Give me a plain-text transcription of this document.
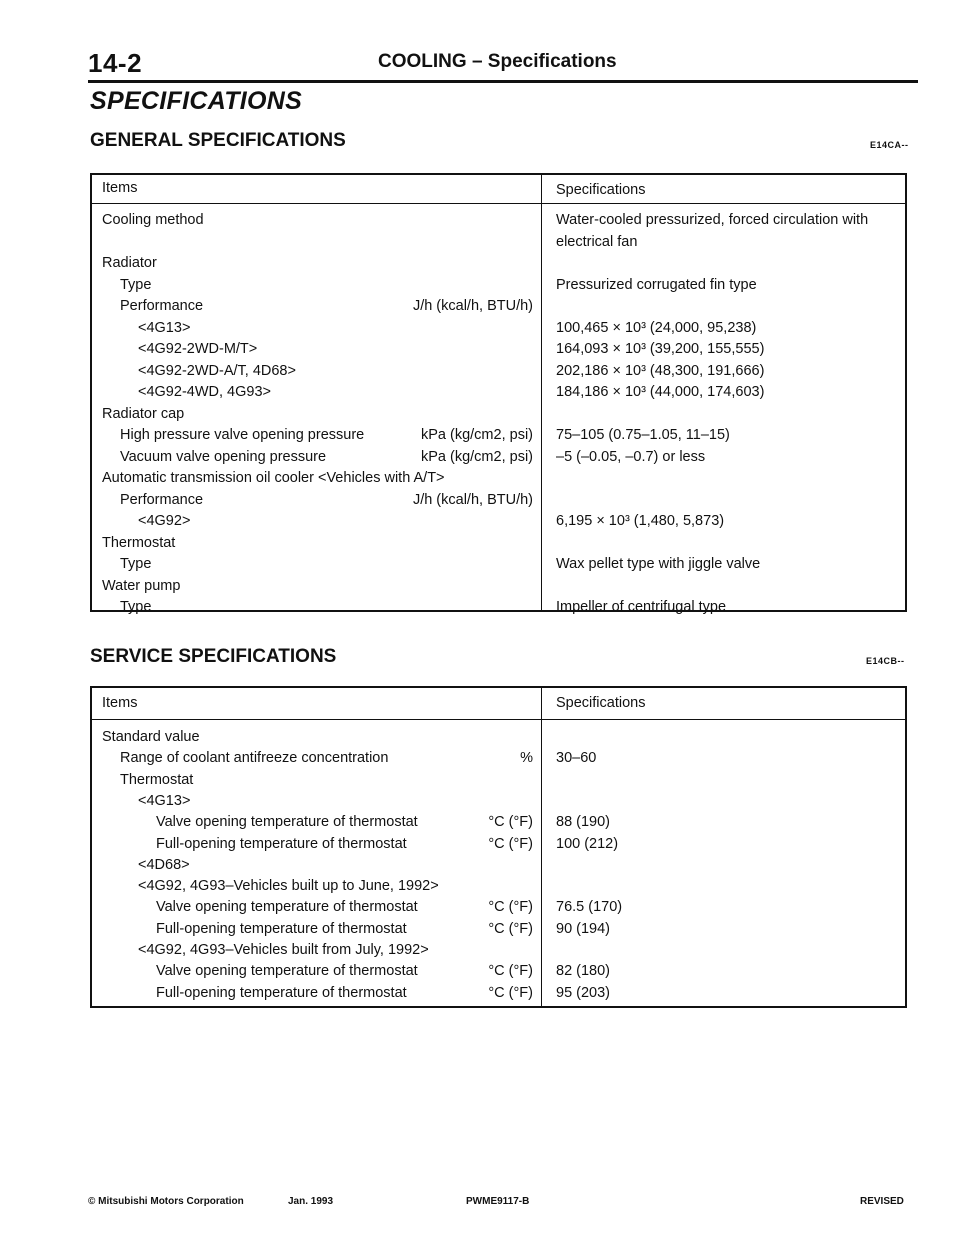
14-2	COOLING – Specifications
SPECIFICATIONS
GENERAL SPECIFICATIONS	E14CA--
Items	Specifications
Cooling method	Water-cooled pressurized, forced circulation with
electrical fan
Radiator
Type	Pressurized corrugated fin type
Performance	J/h (kcal/h, BTU/h)
<4G13>	100,465 × 10³ (24,000, 95,238)
<4G92-2WD-M/T>	164,093 × 10³ (39,200, 155,555)
<4G92-2WD-A/T, 4D68>	202,186 × 10³ (48,300, 191,666)
<4G92-4WD, 4G93>	184,186 × 10³ (44,000, 174,603)
Radiator cap
High pressure valve opening pressure	kPa (kg/cm2, psi) 75–105 (0.75–1.05, 11–15)
Vacuum valve opening pressure	kPa (kg/cm2, psi) –5 (–0.05, –0.7) or less
Automatic transmission oil cooler <Vehicles with A/T>
Performance	J/h (kcal/h, BTU/h)
<4G92>	6,195 × 10³ (1,480, 5,873)
Thermostat
Type	Wax pellet type with jiggle valve
Water pump
Type	Impeller of centrifugal type
SERVICE SPECIFICATIONS	E14CB--
Items	Specifications
Standard value
Range of coolant antifreeze concentration	% 30–60
Thermostat
<4G13>
Valve opening temperature of thermostat	°C (°F) 88 (190)
Full-opening temperature of thermostat	°C (°F) 100 (212)
<4D68>
<4G92, 4G93–Vehicles built up to June, 1992>
Valve opening temperature of thermostat	°C (°F) 76.5 (170)
Full-opening temperature of thermostat	°C (°F) 90 (194)
<4G92, 4G93–Vehicles built from July, 1992>
Valve opening temperature of thermostat	°C (°F) 82 (180)
Full-opening temperature of thermostat	°C (°F) 95 (203)
© Mitsubishi Motors Corporation	Jan. 1993	PWME9117-B	REVISED
